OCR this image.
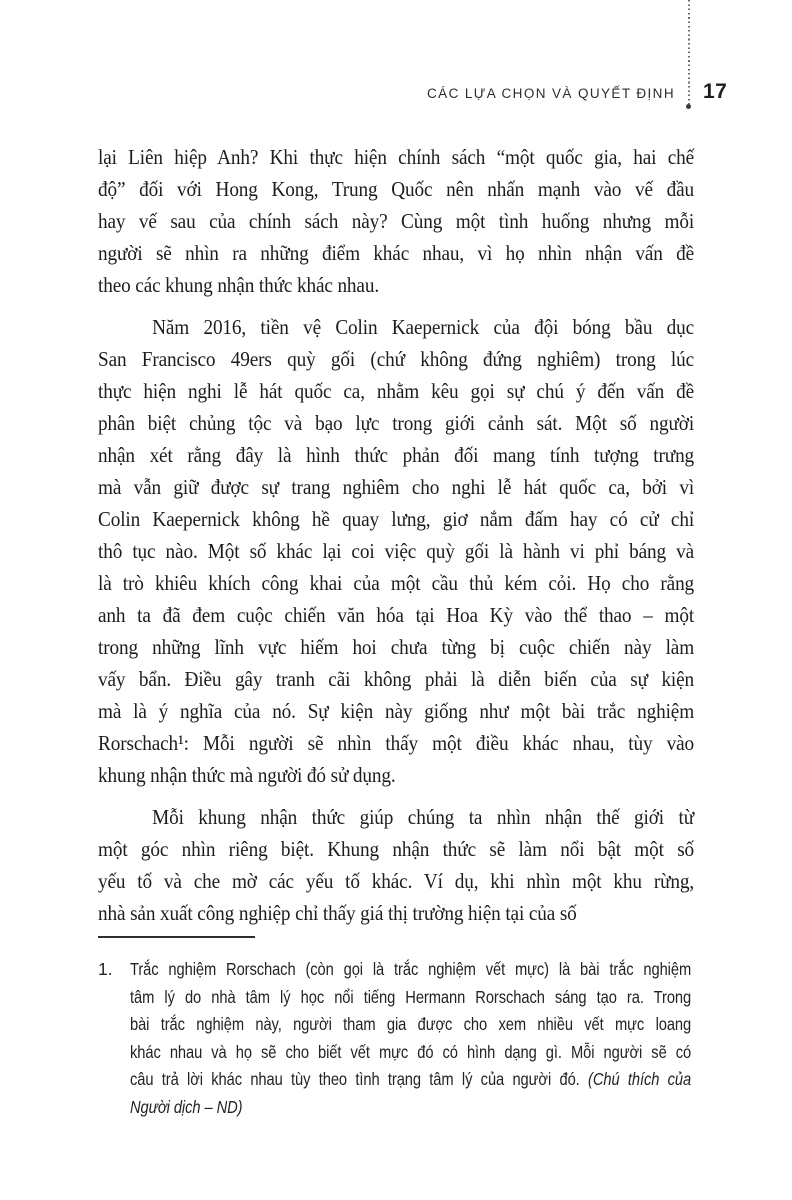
CÁC LỰA CHỌN VÀ QUYẾT ĐỊNH 17
lại Liên hiệp Anh? Khi thực hiện chính sách “một quốc gia, hai chế
độ” đối với Hong Kong, Trung Quốc nên nhấn mạnh vào vế đầu
hay vế sau của chính sách này? Cùng một tình huống nhưng mỗi
người sẽ nhìn ra những điểm khác nhau, vì họ nhìn nhận vấn đề
theo các khung nhận thức khác nhau.
Năm 2016, tiền vệ Colin Kaepernick của đội bóng bầu dục
San Francisco 49ers quỳ gối (chứ không đứng nghiêm) trong lúc
thực hiện nghi lễ hát quốc ca, nhằm kêu gọi sự chú ý đến vấn đề
phân biệt chủng tộc và bạo lực trong giới cảnh sát. Một số người
nhận xét rằng đây là hình thức phản đối mang tính tượng trưng
mà vẫn giữ được sự trang nghiêm cho nghi lễ hát quốc ca, bởi vì
Colin Kaepernick không hề quay lưng, giơ nắm đấm hay có cử chỉ
thô tục nào. Một số khác lại coi việc quỳ gối là hành vi phỉ báng và
là trò khiêu khích công khai của một cầu thủ kém cỏi. Họ cho rằng
anh ta đã đem cuộc chiến văn hóa tại Hoa Kỳ vào thể thao – một
trong những lĩnh vực hiếm hoi chưa từng bị cuộc chiến này làm
vấy bẩn. Điều gây tranh cãi không phải là diễn biến của sự kiện
mà là ý nghĩa của nó. Sự kiện này giống như một bài trắc nghiệm
Rorschach¹: Mỗi người sẽ nhìn thấy một điều khác nhau, tùy vào
khung nhận thức mà người đó sử dụng.
Mỗi khung nhận thức giúp chúng ta nhìn nhận thế giới từ
một góc nhìn riêng biệt. Khung nhận thức sẽ làm nổi bật một số
yếu tố và che mờ các yếu tố khác. Ví dụ, khi nhìn một khu rừng,
nhà sản xuất công nghiệp chỉ thấy giá thị trường hiện tại của số
1. Trắc nghiệm Rorschach (còn gọi là trắc nghiệm vết mực) là bài trắc nghiệm
tâm lý do nhà tâm lý học nổi tiếng Hermann Rorschach sáng tạo ra. Trong
bài trắc nghiệm này, người tham gia được cho xem nhiều vết mực loang
khác nhau và họ sẽ cho biết vết mực đó có hình dạng gì. Mỗi người sẽ có
câu trả lời khác nhau tùy theo tình trạng tâm lý của người đó. (Chú thích của
Người dịch – ND)
